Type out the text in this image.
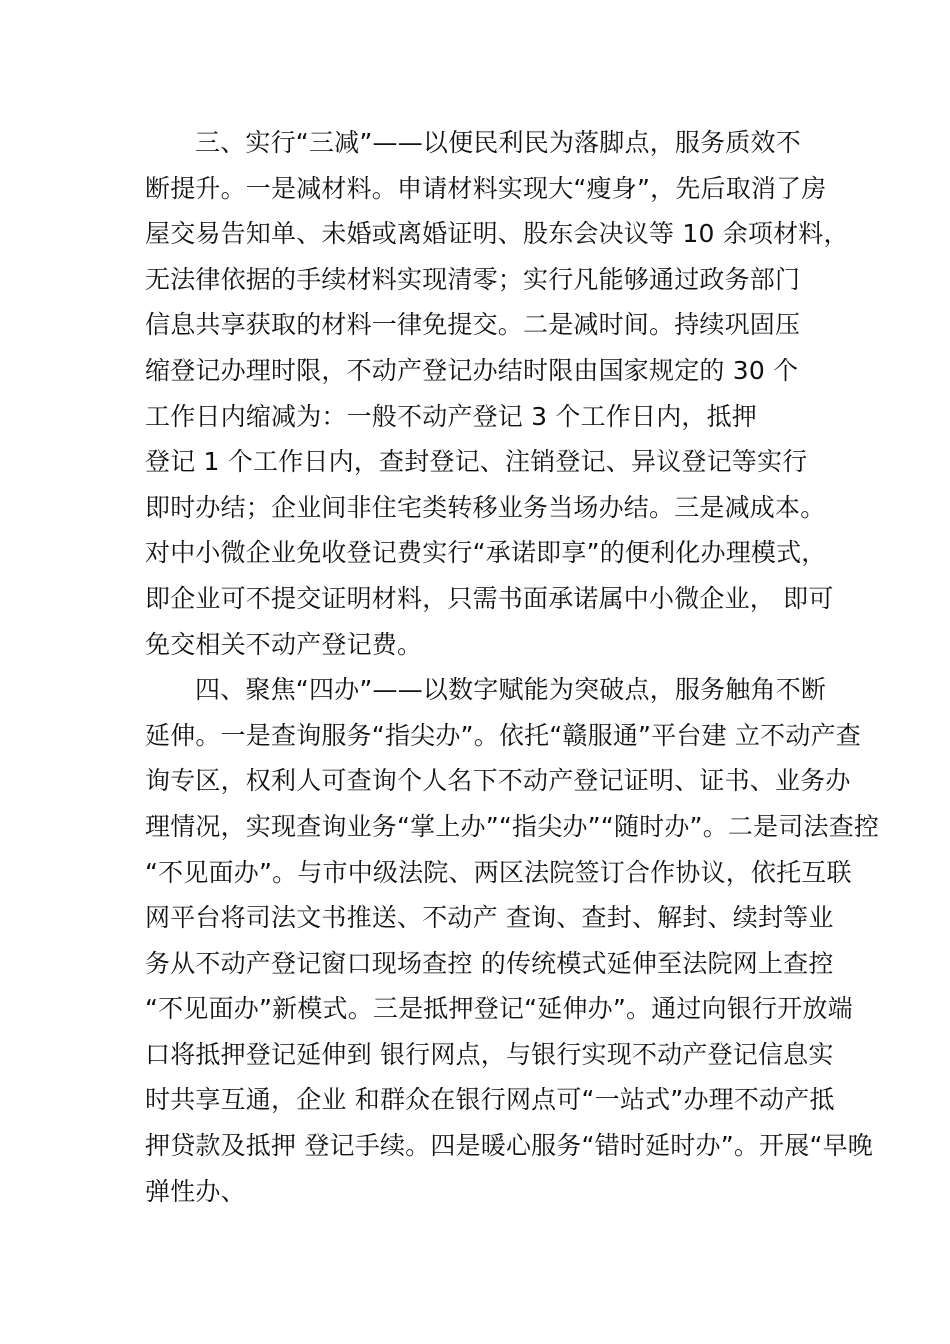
三、实行“三减”——以便民利民为落脚点，服务质效不
断提升。一是减材料。申请材料实现大“瘦身”，先后取消了房
屋交易告知单、未婚或离婚证明、股东会决议等 10 余项材料，
无法律依据的手续材料实现清零；实行凡能够通过政务部门
信息共享获取的材料一律免提交。二是减时间。持续巩固压
缩登记办理时限，不动产登记办结时限由国家规定的 30 个
工作日内缩减为：一般不动产登记 3 个工作日内，抵押
登记 1 个工作日内，查封登记、注销登记、异议登记等实行
即时办结；企业间非住宅类转移业务当场办结。三是减成本。
对中小微企业免收登记费实行“承诺即享”的便利化办理模式，
即企业可不提交证明材料，只需书面承诺属中小微企业， 即可
免交相关不动产登记费。
四、聚焦“四办”——以数字赋能为突破点，服务触角不断
延伸。一是查询服务“指尖办”。依托“赣服通”平台建 立不动产查
询专区，权利人可查询个人名下不动产登记证明、证书、业务办
理情况，实现查询业务“掌上办”“指尖办”“随时办”。二是司法查控
“不见面办”。与市中级法院、两区法院签订合作协议，依托互联
网平台将司法文书推送、不动产 查询、查封、解封、续封等业
务从不动产登记窗口现场查控 的传统模式延伸至法院网上查控
“不见面办”新模式。三是抵押登记“延伸办”。通过向银行开放端
口将抵押登记延伸到 银行网点，与银行实现不动产登记信息实
时共享互通，企业 和群众在银行网点可“一站式”办理不动产抵
押贷款及抵押 登记手续。四是暖心服务“错时延时办”。开展“早晚
弹性办、
